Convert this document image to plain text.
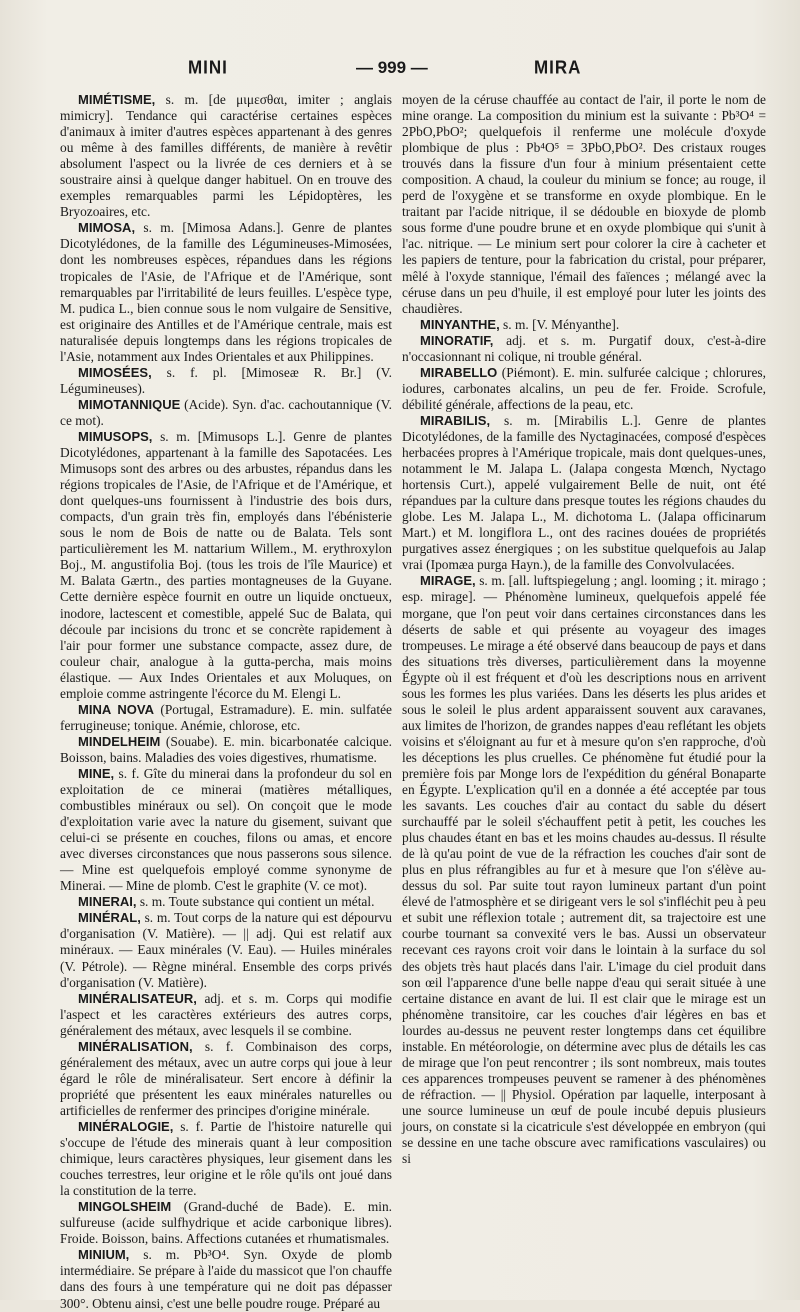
MINI	— 999 —	MIRA

MIMÉTISME, s. m. [de μιμεσθαι, imiter ; anglais mimicry]. Tendance qui caractérise certaines espèces d'animaux à imiter d'autres espèces appartenant à des genres ou même à des familles différents, de manière à revêtir absolument l'aspect ou la livrée de ces derniers et à se soustraire ainsi à quelque danger habituel. On en trouve des exemples remarquables parmi les Lépidoptères, les Bryozoaires, etc.

MIMOSA, s. m. [Mimosa Adans.]. Genre de plantes Dicotylédones, de la famille des Légumineuses-Mimosées, dont les nombreuses espèces, répandues dans les régions tropicales de l'Asie, de l'Afrique et de l'Amérique, sont remarquables par l'irritabilité de leurs feuilles. L'espèce type, M. pudica L., bien connue sous le nom vulgaire de Sensitive, est originaire des Antilles et de l'Amérique centrale, mais est naturalisée depuis longtemps dans les régions tropicales de l'Asie, notamment aux Indes Orientales et aux Philippines.

MIMOSÉES, s. f. pl. [Mimoseæ R. Br.] (V. Légumineuses).

MIMOTANNIQUE (Acide). Syn. d'ac. cachoutannique (V. ce mot).

MIMUSOPS, s. m. [Mimusops L.]. Genre de plantes Dicotylédones, appartenant à la famille des Sapotacées. Les Mimusops sont des arbres ou des arbustes, répandus dans les régions tropicales de l'Asie, de l'Afrique et de l'Amérique, et dont quelques-uns fournissent à l'industrie des bois durs, compacts, d'un grain très fin, employés dans l'ébénisterie sous le nom de Bois de natte ou de Balata. Tels sont particulièrement les M. nattarium Willem., M. erythroxylon Boj., M. angustifolia Boj. (tous les trois de l'île Maurice) et M. Balata Gærtn., des parties montagneuses de la Guyane. Cette dernière espèce fournit en outre un liquide onctueux, inodore, lactescent et comestible, appelé Suc de Balata, qui découle par incisions du tronc et se concrète rapidement à l'air pour former une substance compacte, assez dure, de couleur chair, analogue à la gutta-percha, mais moins élastique. — Aux Indes Orientales et aux Moluques, on emploie comme astringente l'écorce du M. Elengi L.

MINA NOVA (Portugal, Estramadure). E. min. sulfatée ferrugineuse; tonique. Anémie, chlorose, etc.

MINDELHEIM (Souabe). E. min. bicarbonatée calcique. Boisson, bains. Maladies des voies digestives, rhumatisme.

MINE, s. f. Gîte du minerai dans la profondeur du sol en exploitation de ce minerai (matières métalliques, combustibles minéraux ou sel). On conçoit que le mode d'exploitation varie avec la nature du gisement, suivant que celui-ci se présente en couches, filons ou amas, et encore avec diverses circonstances que nous passerons sous silence. — Mine est quelquefois employé comme synonyme de Minerai. — Mine de plomb. C'est le graphite (V. ce mot).

MINERAI, s. m. Toute substance qui contient un métal.

MINÉRAL, s. m. Tout corps de la nature qui est dépourvu d'organisation (V. Matière). — || adj. Qui est relatif aux minéraux. — Eaux minérales (V. Eau). — Huiles minérales (V. Pétrole). — Règne minéral. Ensemble des corps privés d'organisation (V. Matière).

MINÉRALISATEUR, adj. et s. m. Corps qui modifie l'aspect et les caractères extérieurs des autres corps, généralement des métaux, avec lesquels il se combine.

MINÉRALISATION, s. f. Combinaison des corps, généralement des métaux, avec un autre corps qui joue à leur égard le rôle de minéralisateur. Sert encore à définir la propriété que présentent les eaux minérales naturelles ou artificielles de renfermer des principes d'origine minérale.

MINÉRALOGIE, s. f. Partie de l'histoire naturelle qui s'occupe de l'étude des minerais quant à leur composition chimique, leurs caractères physiques, leur gisement dans les couches terrestres, leur origine et le rôle qu'ils ont joué dans la constitution de la terre.

MINGOLSHEIM (Grand-duché de Bade). E. min. sulfureuse (acide sulfhydrique et acide carbonique libres). Froide. Boisson, bains. Affections cutanées et rhumatismales.

MINIUM, s. m. Pb³O⁴. Syn. Oxyde de plomb intermédiaire. Se prépare à l'aide du massicot que l'on chauffe dans des fours à une température qui ne doit pas dépasser 300°. Obtenu ainsi, c'est une belle poudre rouge. Préparé au

moyen de la céruse chauffée au contact de l'air, il porte le nom de mine orange. La composition du minium est la suivante : Pb³O⁴ = 2PbO,PbO²; quelquefois il renferme une molécule d'oxyde plombique de plus : Pb⁴O⁵ = 3PbO,PbO². Des cristaux rouges trouvés dans la fissure d'un four à minium présentaient cette composition. A chaud, la couleur du minium se fonce; au rouge, il perd de l'oxygène et se transforme en oxyde plombique. En le traitant par l'acide nitrique, il se dédouble en bioxyde de plomb sous forme d'une poudre brune et en oxyde plombique qui s'unit à l'ac. nitrique. — Le minium sert pour colorer la cire à cacheter et les papiers de tenture, pour la fabrication du cristal, pour préparer, mêlé à l'oxyde stannique, l'émail des faïences ; mélangé avec la céruse dans un peu d'huile, il est employé pour luter les joints des chaudières.

MINYANTHE, s. m. [V. Ményanthe].

MINORATIF, adj. et s. m. Purgatif doux, c'est-à-dire n'occasionnant ni colique, ni trouble général.

MIRABELLO (Piémont). E. min. sulfurée calcique ; chlorures, iodures, carbonates alcalins, un peu de fer. Froide. Scrofule, débilité générale, affections de la peau, etc.

MIRABILIS, s. m. [Mirabilis L.]. Genre de plantes Dicotylédones, de la famille des Nyctaginacées, composé d'espèces herbacées propres à l'Amérique tropicale, mais dont quelques-unes, notamment le M. Jalapa L. (Jalapa congesta Mœnch, Nyctago hortensis Curt.), appelé vulgairement Belle de nuit, ont été répandues par la culture dans presque toutes les régions chaudes du globe. Les M. Jalapa L., M. dichotoma L. (Jalapa officinarum Mart.) et M. longiflora L., ont des racines douées de propriétés purgatives assez énergiques ; on les substitue quelquefois au Jalap vrai (Ipomæa purga Hayn.), de la famille des Convolvulacées.

MIRAGE, s. m. [all. luftspiegelung ; angl. looming ; it. mirago ; esp. mirage]. — Phénomène lumineux, quelquefois appelé fée morgane, que l'on peut voir dans certaines circonstances dans les déserts de sable et qui présente au voyageur des images trompeuses. Le mirage a été observé dans beaucoup de pays et dans des situations très diverses, particulièrement dans la moyenne Égypte où il est fréquent et d'où les descriptions nous en arrivent sous les formes les plus variées. Dans les déserts les plus arides et sous le soleil le plus ardent apparaissent souvent aux caravanes, aux limites de l'horizon, de grandes nappes d'eau reflétant les objets voisins et s'éloignant au fur et à mesure qu'on s'en rapproche, d'où les déceptions les plus cruelles. Ce phénomène fut étudié pour la première fois par Monge lors de l'expédition du général Bonaparte en Égypte. L'explication qu'il en a donnée a été acceptée par tous les savants. Les couches d'air au contact du sable du désert surchauffé par le soleil s'échauffent petit à petit, les couches les plus chaudes étant en bas et les moins chaudes au-dessus. Il résulte de là qu'au point de vue de la réfraction les couches d'air sont de plus en plus réfrangibles au fur et à mesure que l'on s'élève au-dessus du sol. Par suite tout rayon lumineux partant d'un point élevé de l'atmosphère et se dirigeant vers le sol s'infléchit peu à peu et subit une réflexion totale ; autrement dit, sa trajectoire est une courbe tournant sa convexité vers le bas. Aussi un observateur recevant ces rayons croit voir dans le lointain à la surface du sol des objets très haut placés dans l'air. L'image du ciel produit dans son œil l'apparence d'une belle nappe d'eau qui serait située à une certaine distance en avant de lui. Il est clair que le mirage est un phénomène transitoire, car les couches d'air légères en bas et lourdes au-dessus ne peuvent rester longtemps dans cet équilibre instable. En météorologie, on détermine avec plus de détails les cas de mirage que l'on peut rencontrer ; ils sont nombreux, mais toutes ces apparences trompeuses peuvent se ramener à des phénomènes de réfraction. — || Physiol. Opération par laquelle, interposant à une source lumineuse un œuf de poule incubé depuis plusieurs jours, on constate si la cicatricule s'est développée en embryon (qui se dessine en une tache obscure avec ramifications vasculaires) ou si
